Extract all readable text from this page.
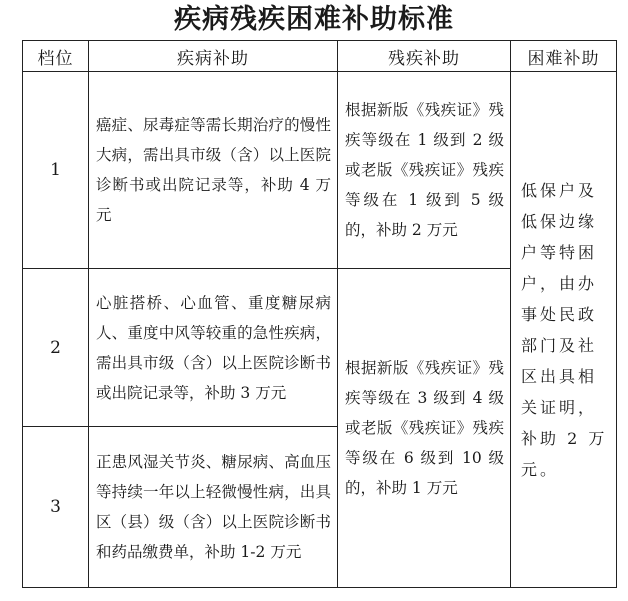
疾病残疾困难补助标准
档位	疾病补助	残疾补助	困难补助
1	癌症、尿毒症等需长期治疗的慢性大病，需出具市级（含）以上医院诊断书或出院记录等，补助 4 万元	根据新版《残疾证》残疾等级在 1 级到 2 级或老版《残疾证》残疾等级在 1 级到 5 级的，补助 2 万元	低保户及低保边缘户等特困户，由办事处民政部门及社区出具相关证明，补助 2 万元。
2	心脏搭桥、心血管、重度糖尿病人、重度中风等较重的急性疾病，需出具市级（含）以上医院诊断书或出院记录等，补助 3 万元	根据新版《残疾证》残疾等级在 3 级到 4 级或老版《残疾证》残疾等级在 6 级到 10 级的，补助 1 万元	
3	正患风湿关节炎、糖尿病、高血压等持续一年以上轻微慢性病，出具区（县）级（含）以上医院诊断书和药品缴费单，补助 1-2 万元		
